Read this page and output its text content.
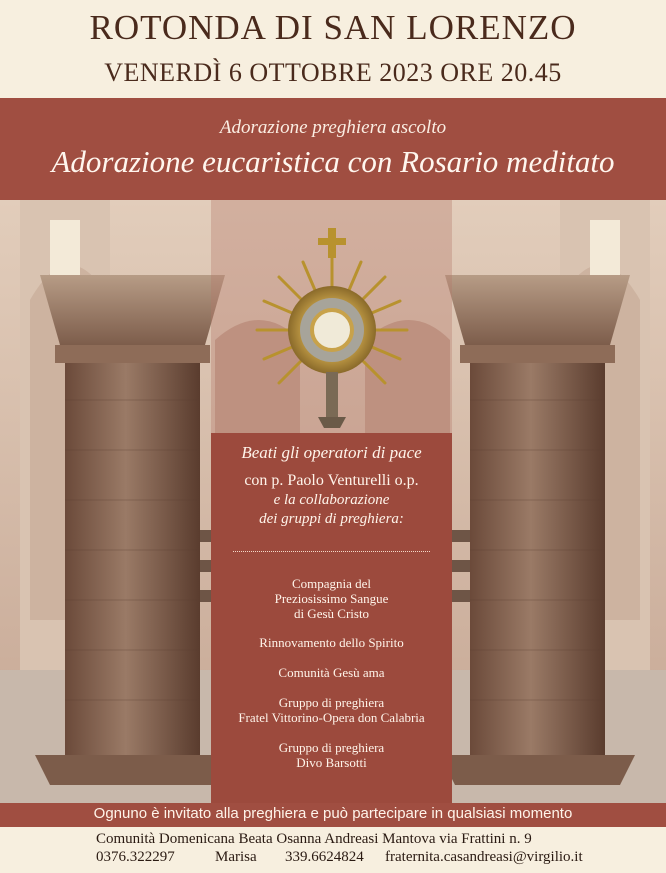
ROTONDA DI SAN LORENZO
VENERDÌ 6 OTTOBRE 2023 ORE 20.45
Adorazione preghiera ascolto
Adorazione eucaristica con Rosario meditato
Beati gli operatori di pace
con p. Paolo Venturelli o.p.
e la collaborazione
dei gruppi di preghiera:
Compagnia del
Preziosissimo Sangue
di Gesù Cristo
Rinnovamento dello Spirito
Comunità Gesù ama
Gruppo di preghiera
Fratel Vittorino-Opera don Calabria
Gruppo di preghiera
Divo Barsotti
Ognuno è invitato alla preghiera e può partecipare in qualsiasi momento
Comunità Domenicana Beata Osanna Andreasi Mantova via Frattini n. 9
0376.322297	Marisa 339.6624824 fraternita.casandreasi@virgilio.it
